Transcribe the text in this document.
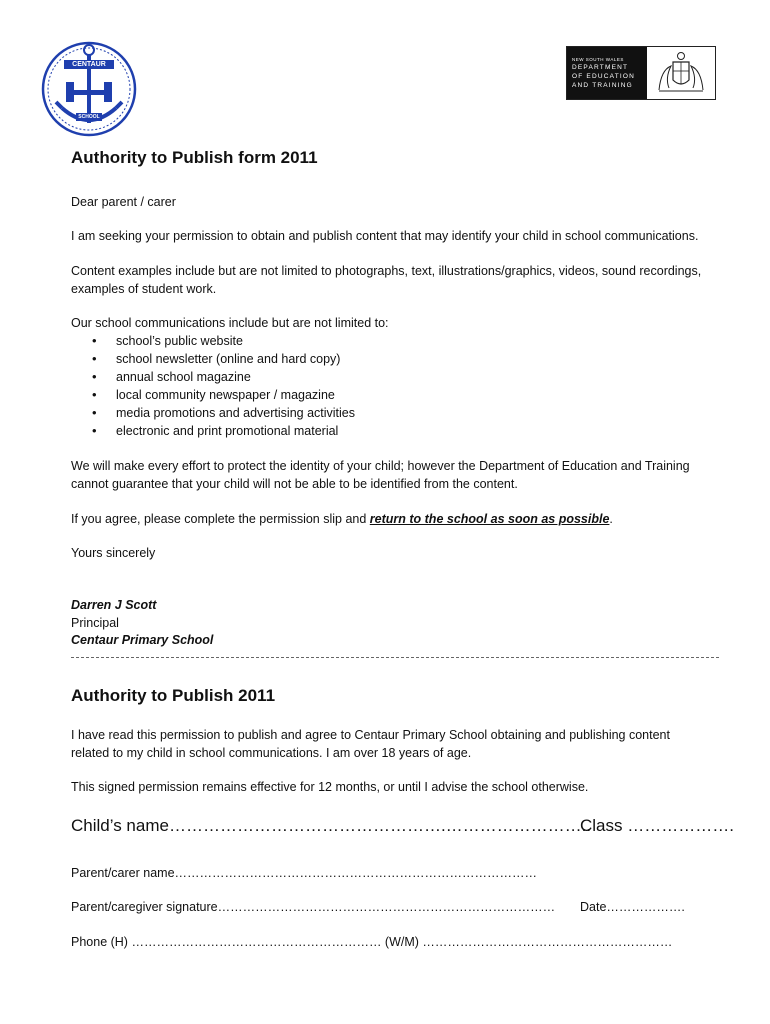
CENTAUR
SCHOOL
NEW SOUTH WALES
DEPARTMENT
OF EDUCATION
AND TRAINING
Authority to Publish form 2011
Dear parent / carer
I am seeking your permission to obtain and publish content that may identify your child in school communications.
Content examples include but are not limited to photographs, text, illustrations/graphics, videos, sound recordings,
examples of student work.
Our school communications include but are not limited to:
• school’s public website
• school newsletter (online and hard copy)
• annual school magazine
• local community newspaper / magazine
• media promotions and advertising activities
• electronic and print promotional material
We will make every effort to protect the identity of your child; however the Department of Education and Training
cannot guarantee that your child will not be able to be identified from the content.
If you agree, please complete the permission slip and return to the school as soon as possible.
Yours sincerely
Darren J Scott
Principal
Centaur Primary School
Authority to Publish 2011
I have read this permission to publish and agree to Centaur Primary School obtaining and publishing content
related to my child in school communications. I am over 18 years of age.
This signed permission remains effective for 12 months, or until I advise the school otherwise.
Child’s name………………………………………….……………………..
Class ……………….
Parent/carer name……………………………………………………………………………
Parent/caregiver signature……………………………………………………………………… Date……………….
Phone (H) …………………………………………………… (W/M) ……………………………………………………
